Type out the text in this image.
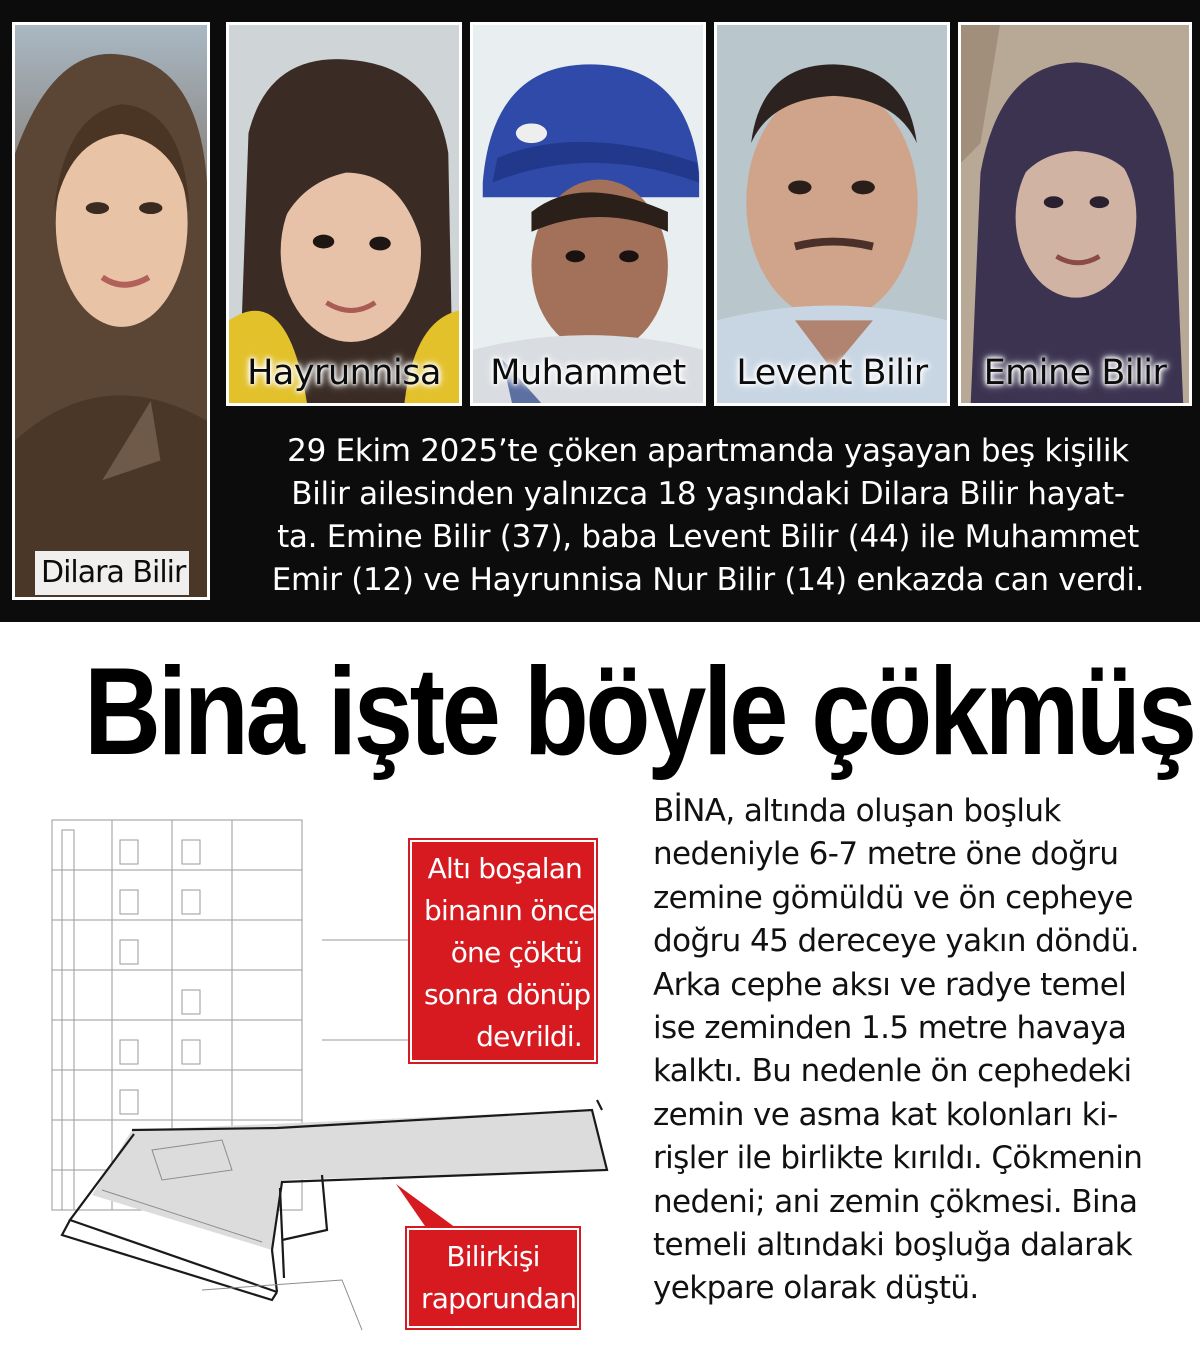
Dilara Bilir
Hayrunnisa	Muhammet	Levent Bilir	Emine Bilir
29 Ekim 2025’te çöken apartmanda yaşayan beş kişilik
Bilir ailesinden yalnızca 18 yaşındaki Dilara Bilir hayat-
ta. Emine Bilir (37), baba Levent Bilir (44) ile Muhammet
Emir (12) ve Hayrunnisa Nur Bilir (14) enkazda can verdi.
Bina işte böyle çökmüş
Altı boşalan
binanın önce
öne çöktü
sonra dönüp
devrildi.
Bilirkişi
raporundan
BİNA, altında oluşan boşluk
nedeniyle 6-7 metre öne doğru
zemine gömüldü ve ön cepheye
doğru 45 dereceye yakın döndü.
Arka cephe aksı ve radye temel
ise zeminden 1.5 metre havaya
kalktı. Bu nedenle ön cephedeki
zemin ve asma kat kolonları ki-
rişler ile birlikte kırıldı. Çökmenin
nedeni; ani zemin çökmesi. Bina
temeli altındaki boşluğa dalarak
yekpare olarak düştü.
